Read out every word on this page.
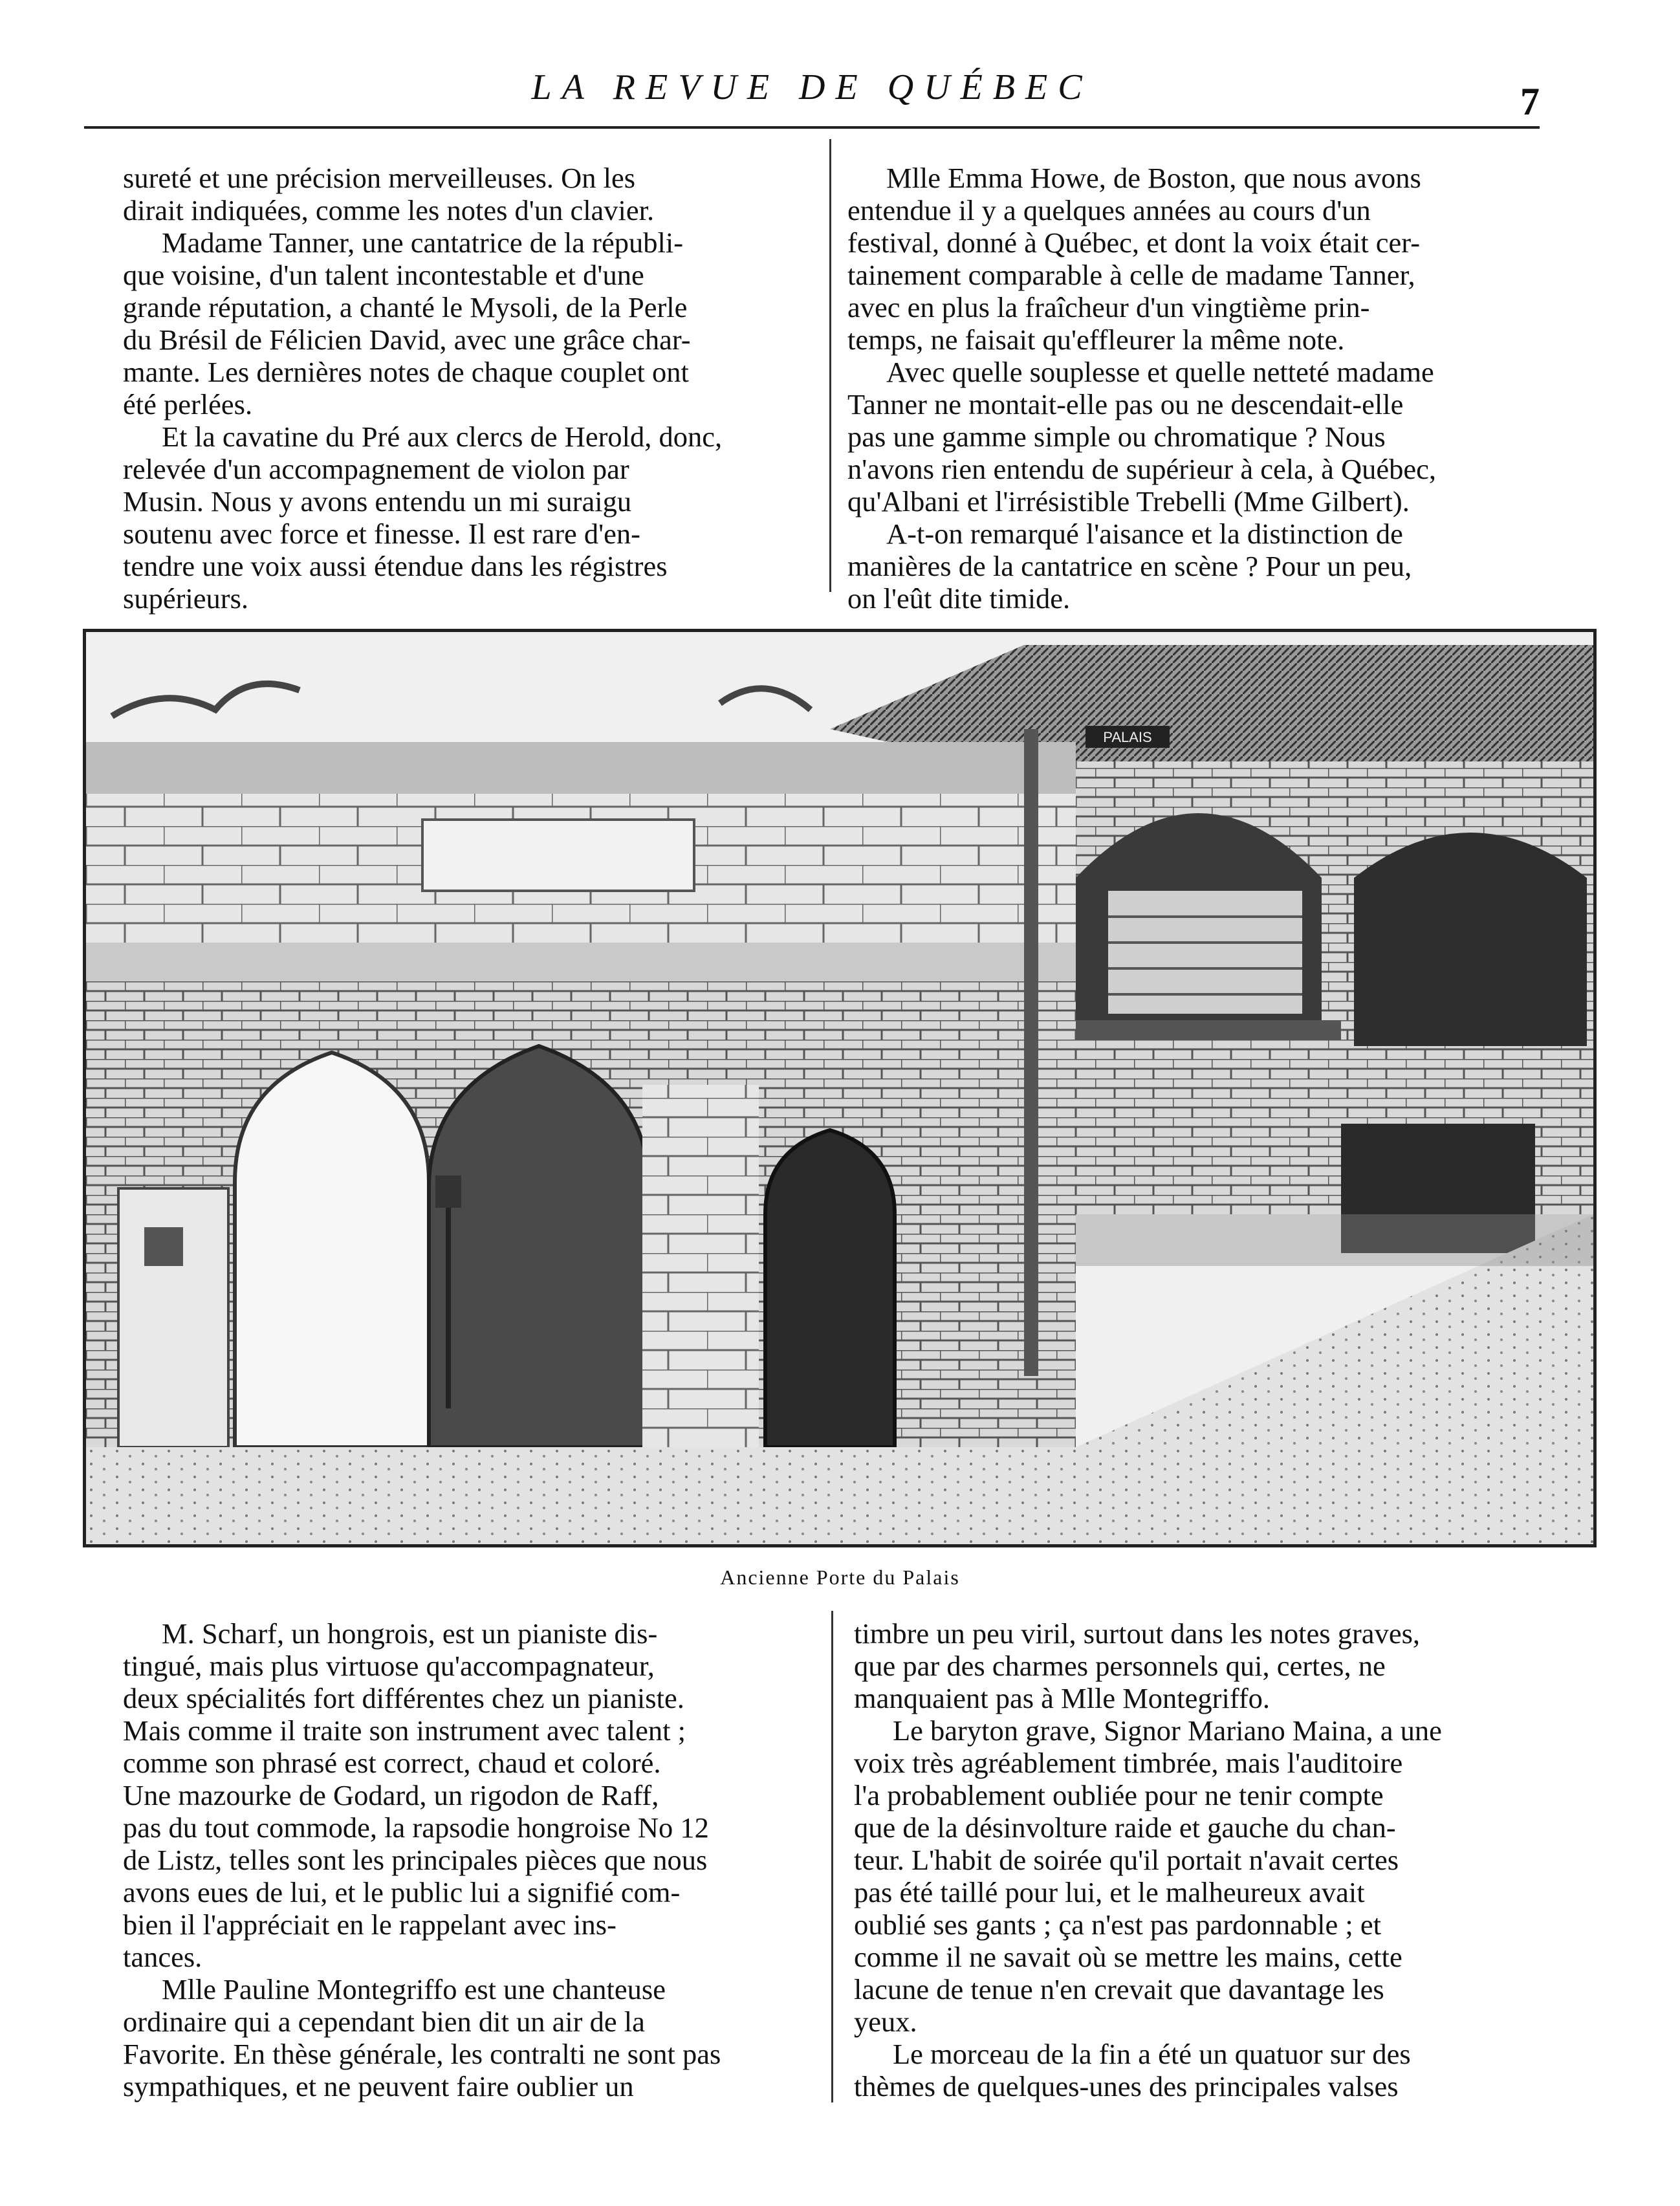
LA REVUE DE QUÉBEC	7

sureté et une précision merveilleuses. On les

dirait indiquées, comme les notes d'un clavier.

Madame Tanner, une cantatrice de la républi-

que voisine, d'un talent incontestable et d'une

grande réputation, a chanté le Mysoli, de la Perle

du Brésil de Félicien David, avec une grâce char-

mante. Les dernières notes de chaque couplet ont

été perlées.

Et la cavatine du Pré aux clercs de Herold, donc,

relevée d'un accompagnement de violon par

Musin. Nous y avons entendu un mi suraigu

soutenu avec force et finesse. Il est rare d'en-

tendre une voix aussi étendue dans les régistres

supérieurs.

Mlle Emma Howe, de Boston, que nous avons

entendue il y a quelques années au cours d'un

festival, donné à Québec, et dont la voix était cer-

tainement comparable à celle de madame Tanner,

avec en plus la fraîcheur d'un vingtième prin-

temps, ne faisait qu'effleurer la même note.

Avec quelle souplesse et quelle netteté madame

Tanner ne montait-elle pas ou ne descendait-elle

pas une gamme simple ou chromatique ? Nous

n'avons rien entendu de supérieur à cela, à Québec,

qu'Albani et l'irrésistible Trebelli (Mme Gilbert).

A-t-on remarqué l'aisance et la distinction de

manières de la cantatrice en scène ? Pour un peu,

on l'eût dite timide.

PALAIS
Ancienne Porte du Palais

M. Scharf, un hongrois, est un pianiste dis-

tingué, mais plus virtuose qu'accompagnateur,

deux spécialités fort différentes chez un pianiste.

Mais comme il traite son instrument avec talent ;

comme son phrasé est correct, chaud et coloré.

Une mazourke de Godard, un rigodon de Raff,

pas du tout commode, la rapsodie hongroise No 12

de Listz, telles sont les principales pièces que nous

avons eues de lui, et le public lui a signifié com-

bien il l'appréciait en le rappelant avec ins-

tances.

Mlle Pauline Montegriffo est une chanteuse

ordinaire qui a cependant bien dit un air de la

Favorite. En thèse générale, les contralti ne sont pas

sympathiques, et ne peuvent faire oublier un

timbre un peu viril, surtout dans les notes graves,

que par des charmes personnels qui, certes, ne

manquaient pas à Mlle Montegriffo.

Le baryton grave, Signor Mariano Maina, a une

voix très agréablement timbrée, mais l'auditoire

l'a probablement oubliée pour ne tenir compte

que de la désinvolture raide et gauche du chan-

teur. L'habit de soirée qu'il portait n'avait certes

pas été taillé pour lui, et le malheureux avait

oublié ses gants ; ça n'est pas pardonnable ; et

comme il ne savait où se mettre les mains, cette

lacune de tenue n'en crevait que davantage les

yeux.

Le morceau de la fin a été un quatuor sur des

thèmes de quelques-unes des principales valses
